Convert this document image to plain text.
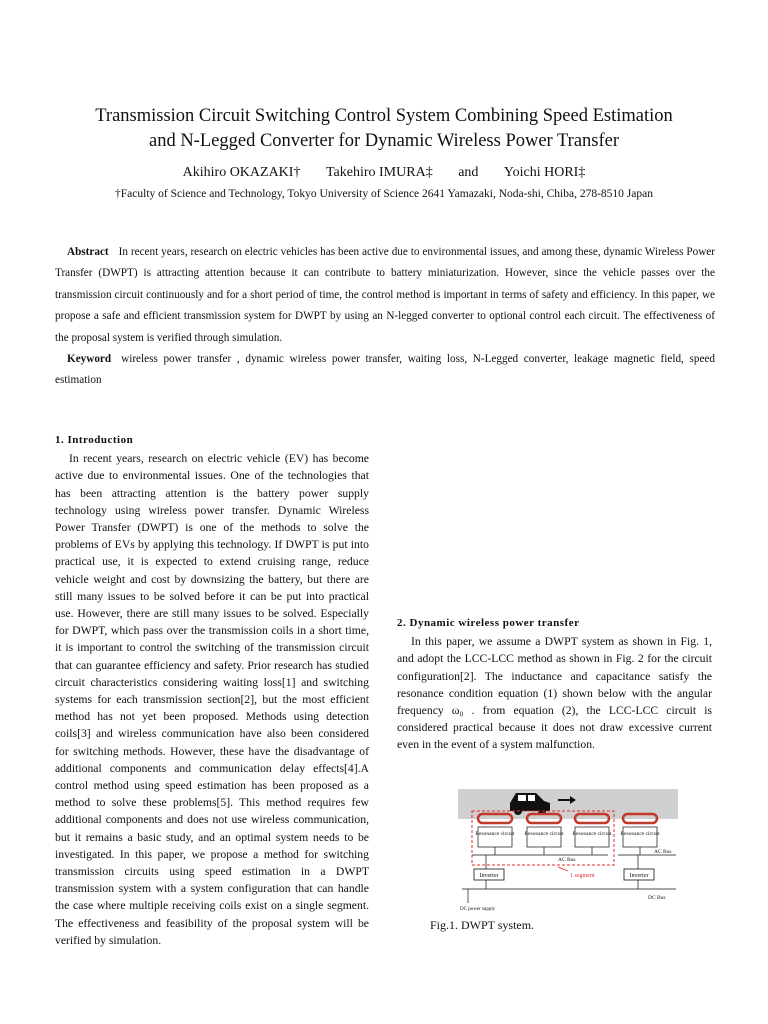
Transmission Circuit Switching Control System Combining Speed Estimation
and N-Legged Converter for Dynamic Wireless Power Transfer
Akihiro OKAZAKI† Takehiro IMURA‡ and Yoichi HORI‡
†Faculty of Science and Technology, Tokyo University of Science 2641 Yamazaki, Noda-shi, Chiba, 278-8510 Japan

Abstract In recent years, research on electric vehicles has been active due to environmental issues, and among these, dynamic Wireless Power Transfer (DWPT) is attracting attention because it can contribute to battery miniaturization. However, since the vehicle passes over the transmission circuit continuously and for a short period of time, the control method is important in terms of safety and efficiency. In this paper, we propose a safe and efficient transmission system for DWPT by using an N-legged converter to optional control each circuit. The effectiveness of the proposal system is verified through simulation.

Keyword wireless power transfer , dynamic wireless power transfer, waiting loss, N-Legged converter, leakage magnetic field, speed estimation

1. Introduction

In recent years, research on electric vehicle (EV) has become active due to environmental issues. One of the technologies that has been attracting attention is the battery power supply technology using wireless power transfer. Dynamic Wireless Power Transfer (DWPT) is one of the methods to solve the problems of EVs by applying this technology. If DWPT is put into practical use, it is expected to extend cruising range, reduce vehicle weight and cost by downsizing the battery, but there are still many issues to be solved before it can be put into practical use. However, there are still many issues to be solved. Especially for DWPT, which pass over the transmission coils in a short time, it is important to control the switching of the transmission circuit that can guarantee efficiency and safety. Prior research has studied circuit characteristics considering waiting loss[1] and switching systems for each transmission section[2], but the most efficient method has not yet been proposed. Methods using detection coils[3] and wireless communication have also been considered for switching methods. However, these have the disadvantage of additional components and communication delay effects[4].A control method using speed estimation has been proposed as a method to solve these problems[5]. This method requires few additional components and does not use wireless communication, but it remains a basic study, and an optimal system needs to be investigated. In this paper, we propose a method for switching transmission circuits using speed estimation in a DWPT transmission system with a system configuration that can handle the case where multiple receiving coils exist on a single segment. The effectiveness and feasibility of the proposal system will be verified by simulation.

2. Dynamic wireless power transfer

In this paper, we assume a DWPT system as shown in Fig. 1, and adopt the LCC-LCC method as shown in Fig. 2 for the circuit configuration[2]. The inductance and capacitance satisfy the resonance condition equation (1) shown below with the angular frequency ω₀ . from equation (2), the LCC-LCC circuit is considered practical because it does not draw excessive current even in the event of a system malfunction.

Resonance circuit Resonance circuit Resonance circuit Resonance circuit
AC Bus
AC Bus
Inverter	Inverter
1 segment
DC Bus
DC power supply
Fig.1. DWPT system.
